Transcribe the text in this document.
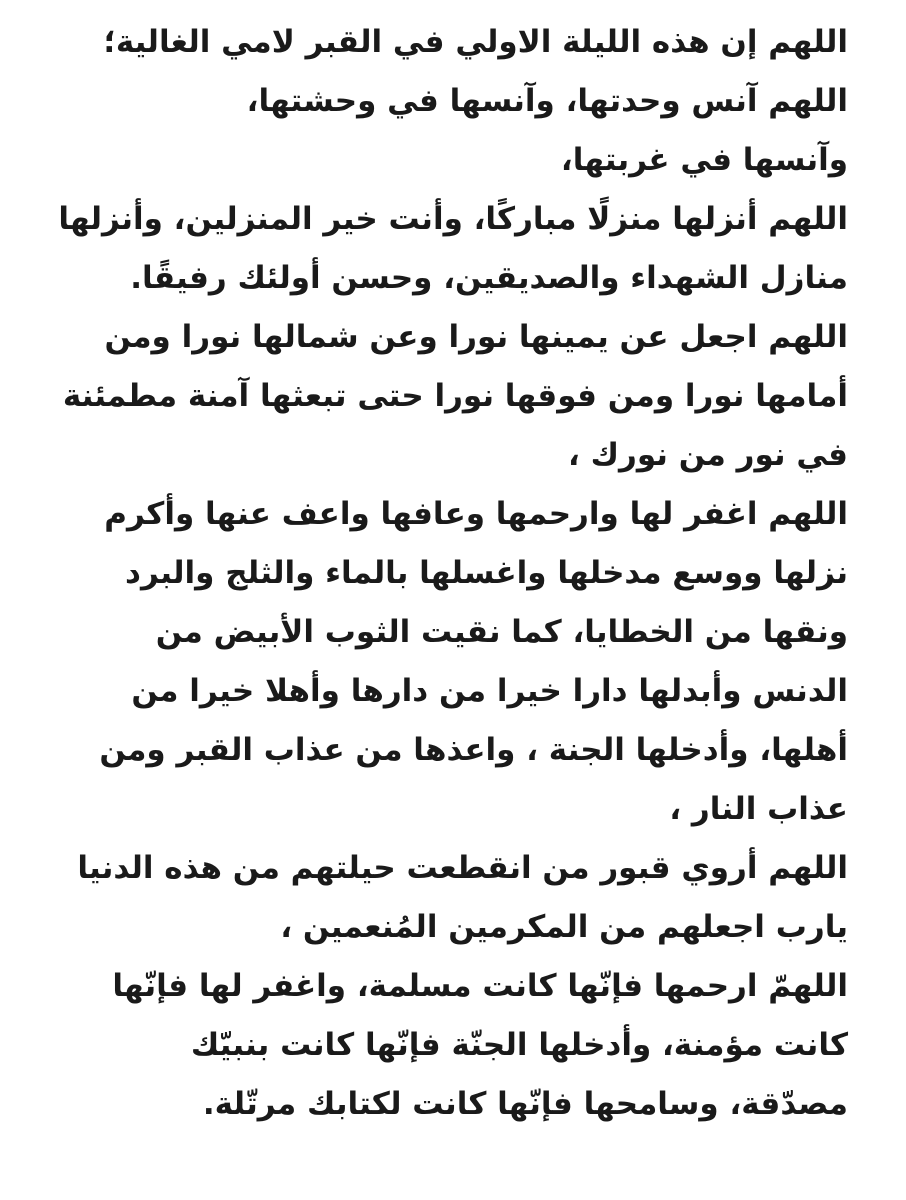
اللهم إن هذه الليلة الاولي في القبر لامي الغالية؛
اللهم آنس وحدتها، وآنسها في وحشتها،
وآنسها في غربتها،
اللهم أنزلها منزلًا مباركًا، وأنت خير المنزلين، وأنزلها
منازل الشهداء والصديقين، وحسن أولئك رفيقًا.
اللهم اجعل عن يمينها نورا وعن شمالها نورا ومن
أمامها نورا ومن فوقها نورا حتى تبعثها آمنة مطمئنة
في نور من نورك ،
اللهم اغفر لها وارحمها وعافها واعف عنها وأكرم
نزلها ووسع مدخلها واغسلها بالماء والثلج والبرد
ونقها من الخطايا، كما نقيت الثوب الأبيض من
الدنس وأبدلها دارا خيرا من دارها وأهلا خيرا من
أهلها، وأدخلها الجنة ، واعذها من عذاب القبر ومن
عذاب النار ،
اللهم أروي قبور من انقطعت حيلتهم من هذه الدنيا
يارب اجعلهم من المكرمين المُنعمين ،
اللهمّ ارحمها فإنّها كانت مسلمة، واغفر لها فإنّها
كانت مؤمنة، وأدخلها الجنّة فإنّها كانت بنبيّك
مصدّقة، وسامحها فإنّها كانت لكتابك مرتّلة.
